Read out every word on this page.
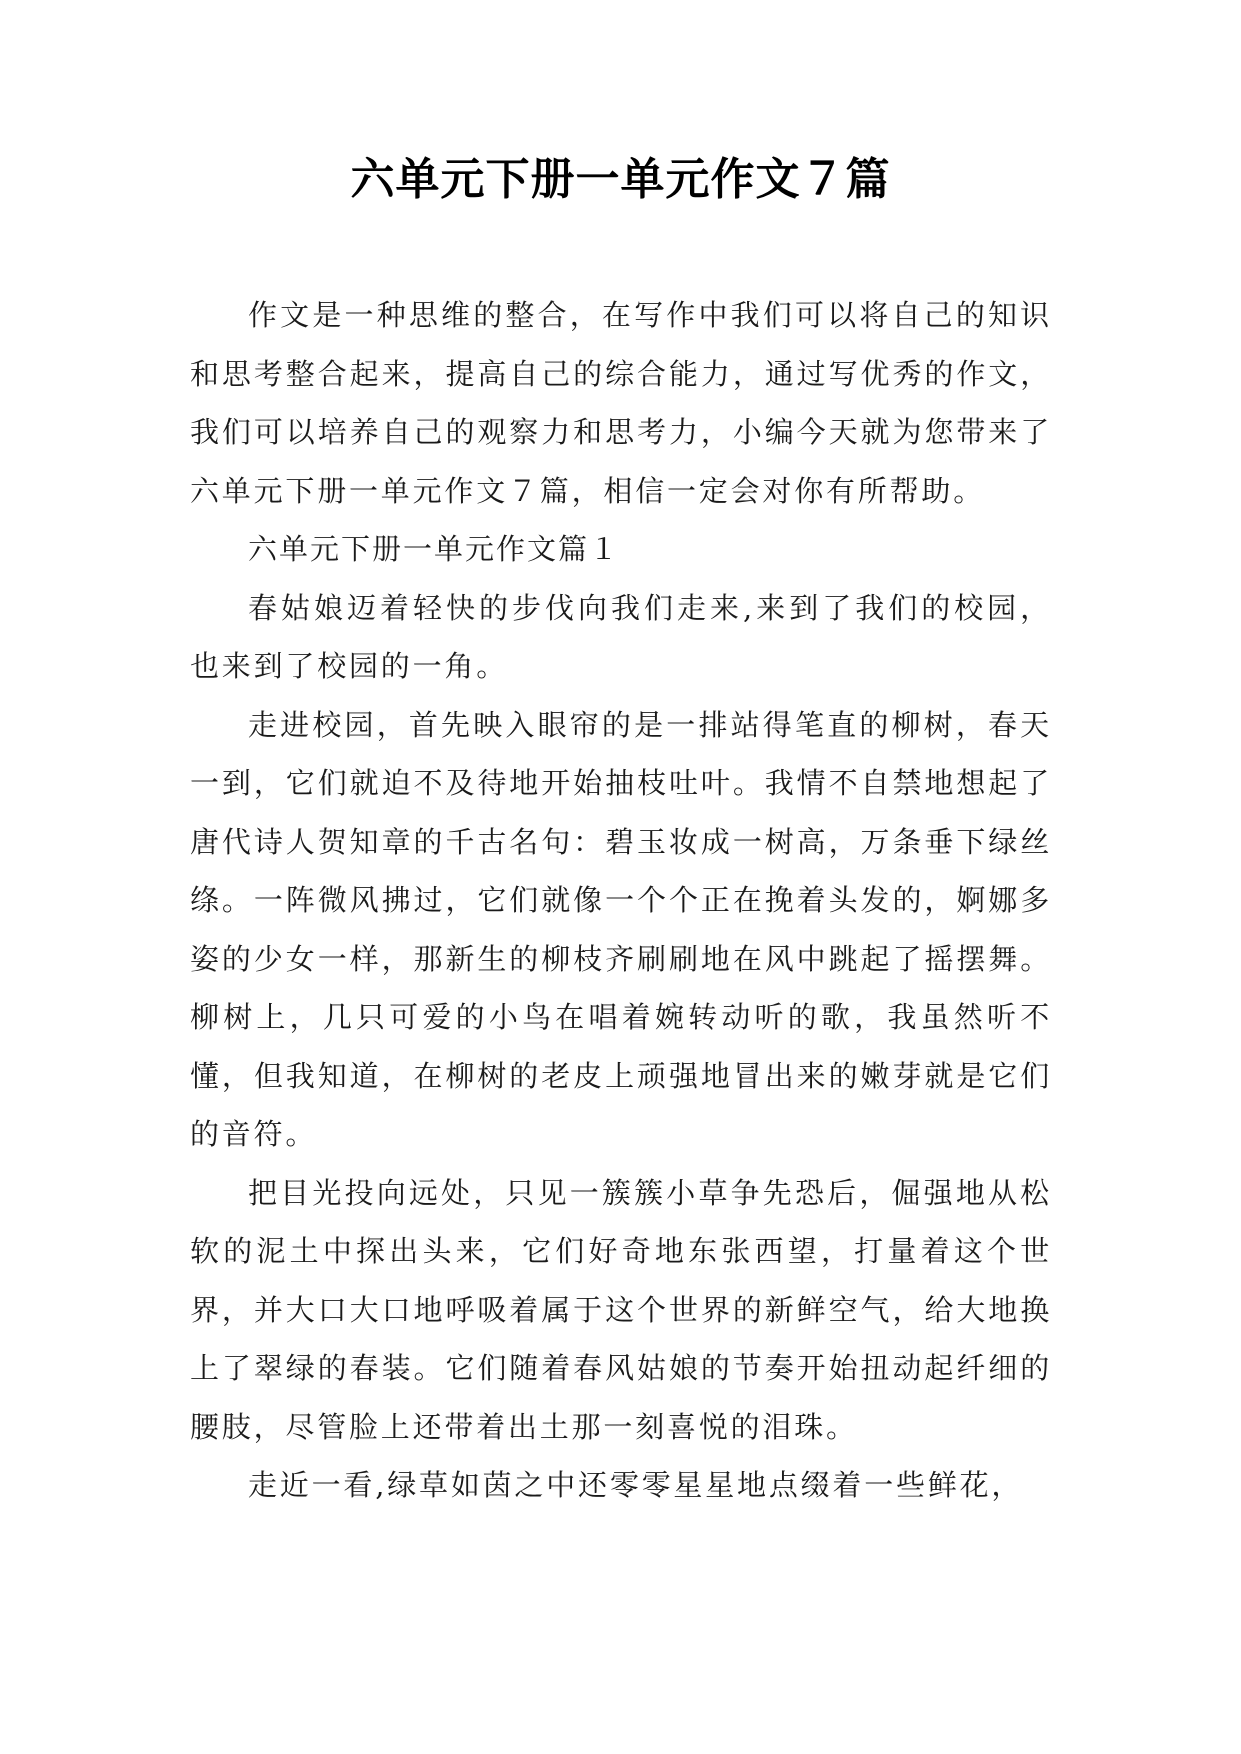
六单元下册一单元作文７篇

作文是一种思维的整合，在写作中我们可以将自己的知识和思考整合起来，提高自己的综合能力，通过写优秀的作文，我们可以培养自己的观察力和思考力，小编今天就为您带来了六单元下册一单元作文７篇，相信一定会对你有所帮助。

六单元下册一单元作文篇１

春姑娘迈着轻快的步伐向我们走来,来到了我们的校园，也来到了校园的一角。

走进校园，首先映入眼帘的是一排站得笔直的柳树，春天一到，它们就迫不及待地开始抽枝吐叶。我情不自禁地想起了唐代诗人贺知章的千古名句：碧玉妆成一树高，万条垂下绿丝绦。一阵微风拂过，它们就像一个个正在挽着头发的，婀娜多姿的少女一样，那新生的柳枝齐刷刷地在风中跳起了摇摆舞。柳树上，几只可爱的小鸟在唱着婉转动听的歌，我虽然听不懂，但我知道，在柳树的老皮上顽强地冒出来的嫩芽就是它们的音符。

把目光投向远处，只见一簇簇小草争先恐后，倔强地从松软的泥土中探出头来，它们好奇地东张西望，打量着这个世界，并大口大口地呼吸着属于这个世界的新鲜空气，给大地换上了翠绿的春装。它们随着春风姑娘的节奏开始扭动起纤细的腰肢，尽管脸上还带着出土那一刻喜悦的泪珠。

走近一看,绿草如茵之中还零零星星地点缀着一些鲜花，
